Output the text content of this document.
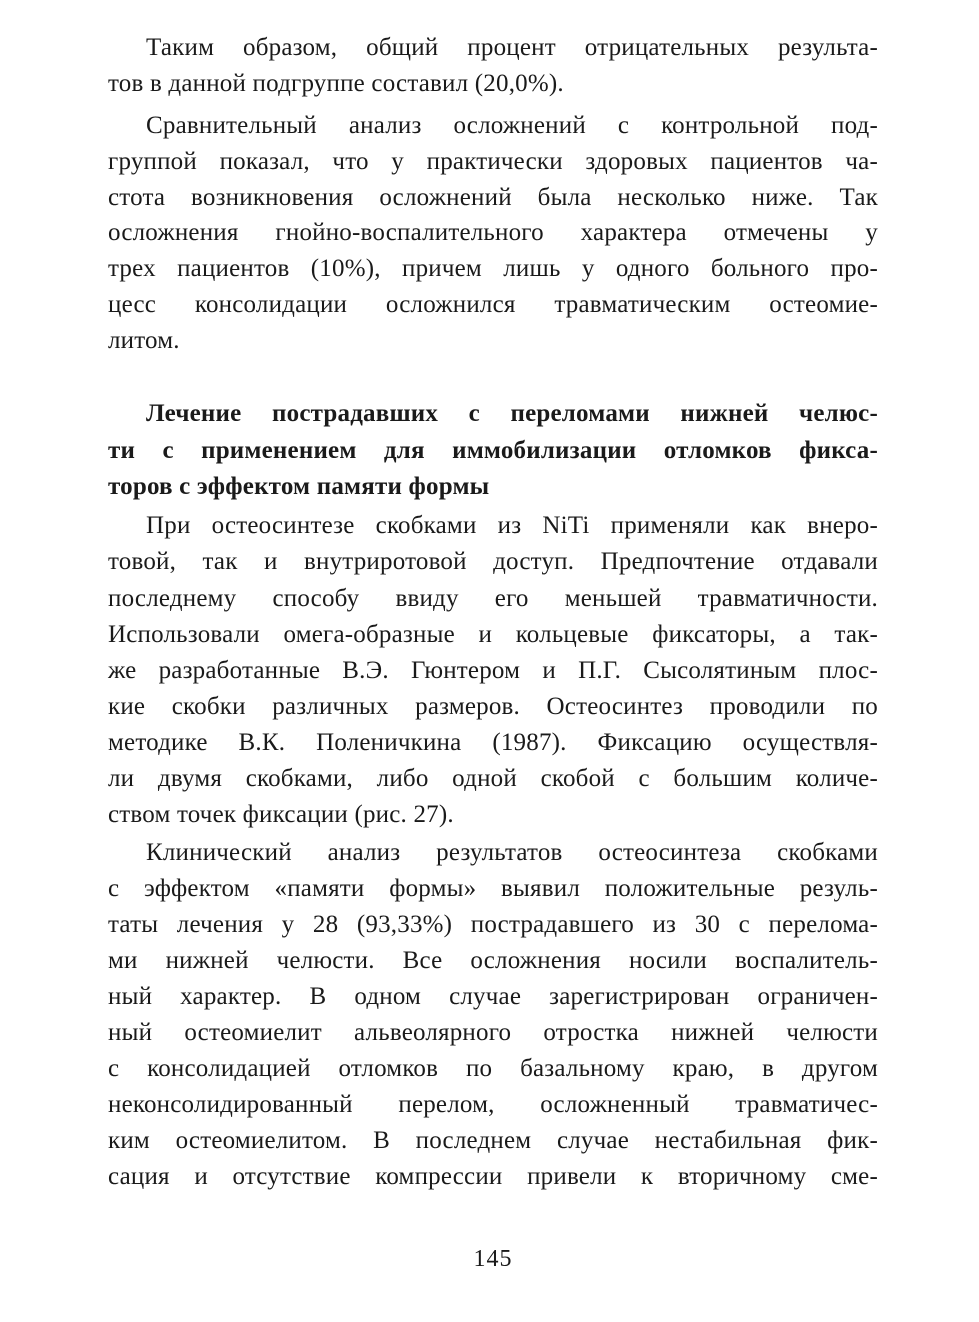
Таким образом, общий процент отрицательных результа-
тов в данной подгруппе составил (20,0%).
Сравнительный анализ осложнений с контрольной под-
группой показал, что у практически здоровых пациентов ча-
стота возникновения осложнений была несколько ниже. Так
осложнения гнойно-воспалительного характера отмечены у
трех пациентов (10%), причем лишь у одного больного про-
цесс консолидации осложнился травматическим остеомие-
литом.
Лечение пострадавших с переломами нижней челюс-
ти с применением для иммобилизации отломков фикса-
торов с эффектом памяти формы
При остеосинтезе скобками из NiTi применяли как внеро-
товой, так и внутриротовой доступ. Предпочтение отдавали
последнему способу ввиду его меньшей травматичности.
Использовали омега-образные и кольцевые фиксаторы, а так-
же разработанные В.Э. Гюнтером и П.Г. Сысолятиным плос-
кие скобки различных размеров. Остеосинтез проводили по
методике В.К. Поленичкина (1987). Фиксацию осуществля-
ли двумя скобками, либо одной скобой с большим количе-
ством точек фиксации (рис. 27).
Клинический анализ результатов остеосинтеза скобками
с эффектом «памяти формы» выявил положительные резуль-
таты лечения у 28 (93,33%) пострадавшего из 30 с перелома-
ми нижней челюсти. Все осложнения носили воспалитель-
ный характер. В одном случае зарегистрирован ограничен-
ный остеомиелит альвеолярного отростка нижней челюсти
с консолидацией отломков по базальному краю, в другом
неконсолидированный перелом, осложненный травматичес-
ким остеомиелитом. В последнем случае нестабильная фик-
сация и отсутствие компрессии привели к вторичному сме-
145
